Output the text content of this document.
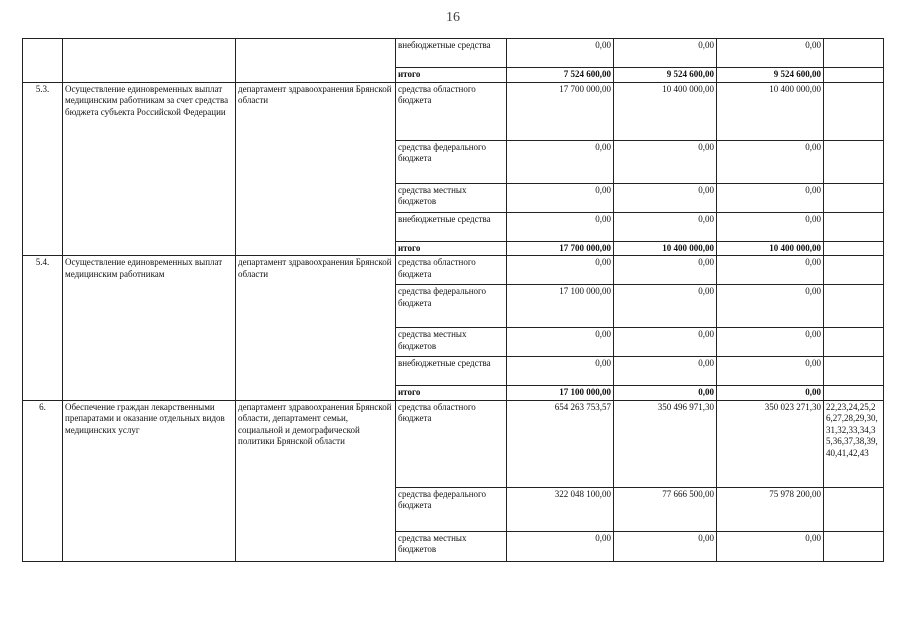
16
			внебюджетные средства	0,00	0,00	0,00	
			итого	7 524 600,00	9 524 600,00	9 524 600,00	
5.3.	Осуществление единовременных выплат медицинским работникам за счет средства бюджета субъекта Российской Федерации	департамент здравоохранения Брянской области	средства областного бюджета	17 700 000,00	10 400 000,00	10 400 000,00	
			средства федерального бюджета	0,00	0,00	0,00	
			средства местных бюджетов	0,00	0,00	0,00	
			внебюджетные средства	0,00	0,00	0,00	
			итого	17 700 000,00	10 400 000,00	10 400 000,00	
5.4.	Осуществление единовременных выплат медицинским работникам	департамент здравоохранения Брянской области	средства областного бюджета	0,00	0,00	0,00	
			средства федерального бюджета	17 100 000,00	0,00	0,00	
			средства местных бюджетов	0,00	0,00	0,00	
			внебюджетные средства	0,00	0,00	0,00	
			итого	17 100 000,00	0,00	0,00	
6.	Обеспечение граждан лекарственными препаратами и оказание отдельных видов медицинских услуг	департамент здравоохранения Брянской области, департамент семьи, социальной и демографической политики Брянской области	средства областного бюджета	654 263 753,57	350 496 971,30	350 023 271,30	22,23,24,25,26,27,28,29,30,31,32,33,34,35,36,37,38,39,40,41,42,43
			средства федерального бюджета	322 048 100,00	77 666 500,00	75 978 200,00	
			средства местных бюджетов	0,00	0,00	0,00	
